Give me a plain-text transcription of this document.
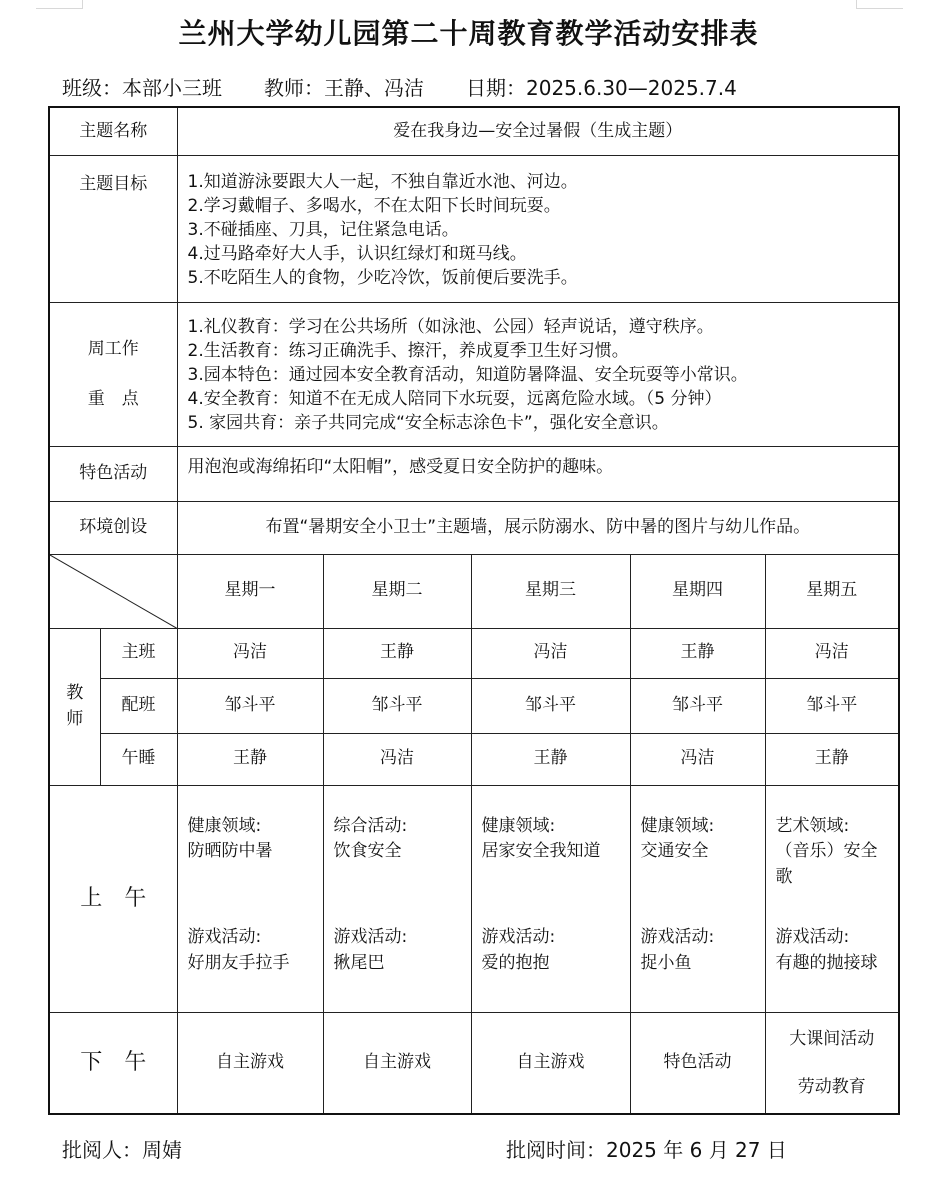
兰州大学幼儿园第二十周教育教学活动安排表
班级：本部小三班 教师：王静、冯洁 日期：2025.6.30—2025.7.4
主题名称		爱在我身边—安全过暑假（生成主题）				
主题目标		1.知道游泳要跟大人一起，不独自靠近水池、河边。
2.学习戴帽子、多喝水，不在太阳下长时间玩耍。
3.不碰插座、刀具，记住紧急电话。
4.过马路牵好大人手，认识红绿灯和斑马线。
5.不吃陌生人的食物，少吃冷饮，饭前便后要洗手。				

周工作
重　点		1.礼仪教育：学习在公共场所（如泳池、公园）轻声说话，遵守秩序。
2.生活教育：练习正确洗手、擦汗，养成夏季卫生好习惯。
3.园本特色：通过园本安全教育活动，知道防暑降温、安全玩耍等小常识。
4.安全教育：知道不在无成人陪同下水玩耍，远离危险水域。（5 分钟）
5. 家园共育：亲子共同完成“安全标志涂色卡”，强化安全意识。				

特色活动		用泡泡或海绵拓印“太阳帽”，感受夏日安全防护的趣味。				
环境创设		布置“暑期安全小卫士”主题墙，展示防溺水、防中暑的图片与幼儿作品。				

	星期一	星期二	星期三	星期四	星期五

教
师	主班	冯洁	王静	冯洁	王静	冯洁
	配班	邹斗平	邹斗平	邹斗平	邹斗平	邹斗平
	午睡	王静	冯洁	王静	冯洁	王静
上　午		健康领域:
防晒防中暑
游戏活动:
好朋友手拉手	综合活动:
饮食安全
游戏活动:
揪尾巴	健康领域:
居家安全我知道
游戏活动:
爱的抱抱	健康领域:
交通安全
游戏活动:
捉小鱼	艺术领域:
（音乐）安全歌
游戏活动:
有趣的抛接球

下　午		自主游戏	自主游戏	自主游戏	特色活动	大课间活动
劳动教育
批阅人：周婧	批阅时间：2025 年 6 月 27 日
